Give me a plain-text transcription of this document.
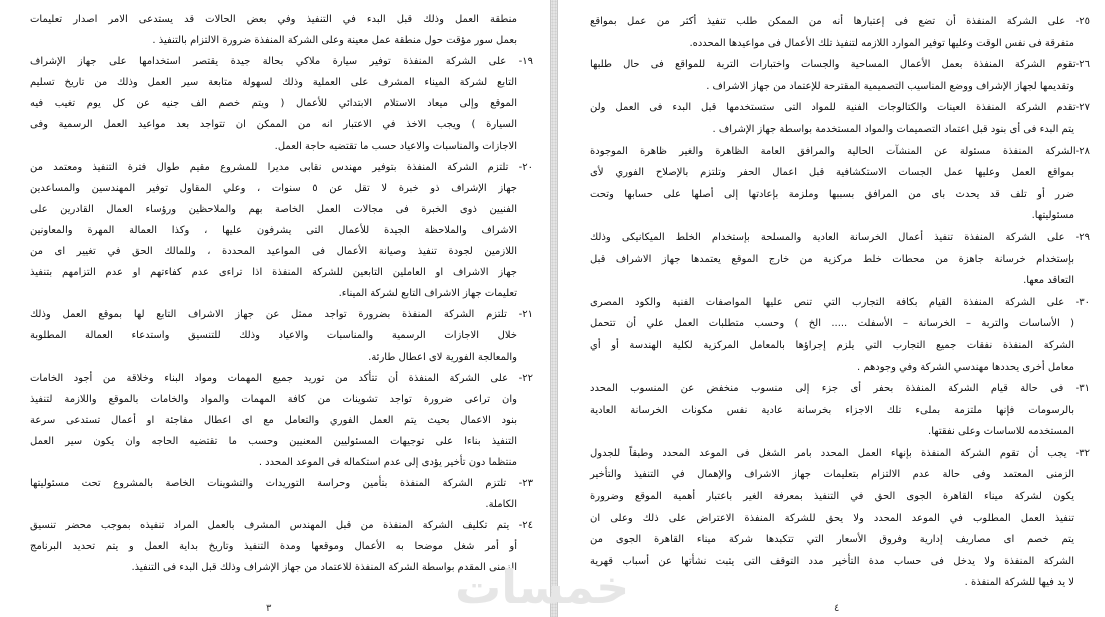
منطقة العمل وذلك قبل البدء في التنفيذ وفي بعض الحالات قد يستدعى الامر اصدار تعليمات
بعمل سور مؤقت حول منطقة عمل معينة وعلى الشركة المنفذة ضرورة الالتزام بالتنفيذ .
١٩- على الشركة المنفذة توفير سيارة ملاكي بحالة جيدة يقتصر استخدامها على جهاز الإشراف
التابع لشركة الميناء المشرف على العملية وذلك لسهولة متابعة سير العمل وذلك من تاريخ تسليم
الموقع وإلى ميعاد الاستلام الابتدائي للأعمال ( ويتم خصم الف جنيه عن كل يوم تغيب فيه
السيارة ) ويجب الاخذ في الاعتبار انه من الممكن ان تتواجد بعد مواعيد العمل الرسمية وفى
الاجازات والمناسبات والاعياد حسب ما تقتضيه حاجة العمل.
٢٠- تلتزم الشركة المنفذة بتوفير مهندس نقابى مديرا للمشروع مقيم طوال فترة التنفيذ ومعتمد من
جهاز الإشراف ذو خبرة لا تقل عن ٥ سنوات ، وعلي المقاول توفير المهندسين والمساعدين
الفنيين ذوى الخبرة فى مجالات العمل الخاصة بهم والملاحظين ورؤساء العمال القادرين على
الاشراف والملاحظة الجيدة للأعمال التى يشرفون عليها ، وكذا العمالة المهرة والمعاونين
اللازمين لجودة تنفيذ وصيانة الأعمال فى المواعيد المحددة ، وللمالك الحق في تغيير اى من
جهاز الاشراف او العاملين التابعين للشركة المنفذة اذا تراءى عدم كفاءتهم او عدم التزامهم بتنفيذ
تعليمات جهاز الاشراف التابع لشركة الميناء.
٢١- تلتزم الشركة المنفذة بضرورة تواجد ممثل عن جهاز الاشراف التابع لها بموقع العمل وذلك
خلال الاجازات الرسمية والمناسبات والاعياد وذلك للتنسيق واستدعاء العمالة المطلوبة
والمعالجة الفورية لاى اعطال طارئة.
٢٢- على الشركة المنفذة أن تتأكد من توريد جميع المهمات ومواد البناء وخلاقة من أجود الخامات
وان تراعى ضرورة تواجد تشوينات من كافة المهمات والمواد والخامات بالموقع واللازمة لتنفيذ
بنود الاعمال بحيث يتم العمل الفوري والتعامل مع اى اعطال مفاجئة او أعمال تستدعى سرعة
التنفيذ بناءا على توجيهات المسئوليين المعنيين وحسب ما تقتضيه الحاجه وان يكون سير العمل
منتظما دون تأخير يؤدى إلى عدم استكماله فى الموعد المحدد .
٢٣- تلتزم الشركة المنفذة بتأمين وحراسة التوريدات والتشوينات الخاصة بالمشروع تحت مسئوليتها
الكاملة.
٢٤- يتم تكليف الشركة المنفذة من قبل المهندس المشرف بالعمل المراد تنفيذه بموجب محضر تنسيق
أو أمر شغل موضحا به الأعمال وموقعها ومدة التنفيذ وتاريخ بداية العمل و يتم تحديد البرنامج
الزمنى المقدم بواسطة الشركة المنفذة للاعتماد من جهاز الإشراف وذلك قبل البدء فى التنفيذ.
٢٥- على الشركة المنفذة أن تضع فى إعتبارها أنه من الممكن طلب تنفيذ أكثر من عمل بمواقع
متفرقة فى نفس الوقت وعليها توفير الموارد اللازمه لتنفيذ تلك الأعمال فى مواعيدها المحدده.
٢٦-تقوم الشركة المنفذة بعمل الأعمال المساحية والجسات واختبارات التربة للمواقع فى حال طلبها
وتقديمها لجهاز الإشراف ووضع المناسيب التصميمية المقترحة للإعتماد من جهاز الاشراف .
٢٧-تقدم الشركة المنفذة العينات والكتالوجات الفنية للمواد التى ستستخدمها قبل البدء فى العمل ولن
يتم البدء فى أى بنود قبل اعتماد التصميمات والمواد المستخدمة بواسطة جهاز الإشراف .
٢٨-الشركة المنفذة مسئولة عن المنشآت الحالية والمرافق العامة الظاهرة والغير ظاهرة الموجودة
بمواقع العمل وعليها عمل الجسات الاستكشافية قبل اعمال الحفر وتلتزم بالإصلاح الفوري لأى
ضرر أو تلف قد يحدث باى من المرافق بسببها وملزمة بإعادتها إلى أصلها على حسابها وتحت
مسئوليتها.
٢٩- على الشركة المنفذة تنفيذ أعمال الخرسانة العادية والمسلحة بإستخدام الخلط الميكانيكى وذلك
بإستخدام خرسانة جاهزة من محطات خلط مركزية من خارج الموقع يعتمدها جهاز الاشراف قبل
التعاقد معها.
٣٠- على الشركة المنفذة القيام بكافة التجارب التي تنص عليها المواصفات الفنية والكود المصرى
( الأساسات والتربة – الخرسانة – الأسفلت ..... الخ ) وحسب متطلبات العمل علي أن تتحمل
الشركة المنفذة نفقات جميع التجارب التي يلزم إجراؤها بالمعامل المركزية لكلية الهندسة أو أي
معامل أخرى يحددها مهندسي الشركة وفي وجودهم .
٣١- فى حالة قيام الشركة المنفذة بحفر أى جزء إلى منسوب منخفض عن المنسوب المحدد
بالرسومات فإنها ملتزمة بملىء تلك الاجزاء بخرسانة عادية نفس مكونات الخرسانة العادية
المستخدمه للاساسات وعلى نفقتها.
٣٢- يجب أن تقوم الشركة المنفذة بإنهاء العمل المحدد بامر الشغل فى الموعد المحدد وطبقاً للجدول
الزمنى المعتمد وفى حالة عدم الالتزام بتعليمات جهاز الاشراف والإهمال في التنفيذ والتأخير
يكون لشركة ميناء القاهرة الجوى الحق في التنفيذ بمعرفة الغير باعتبار أهمية الموقع وضرورة
تنفيذ العمل المطلوب في الموعد المحدد ولا يحق للشركة المنفذة الاعتراض على ذلك وعلى ان
يتم خصم اى مصاريف إدارية وفروق الأسعار التي تتكبدها شركة ميناء القاهرة الجوى من
الشركة المنفذة ولا يدخل فى حساب مدة التأخير مدد التوقف التى يثبت نشأتها عن أسباب قهرية
لا يد فيها للشركة المنفذة .
٣	٤
خمسات
